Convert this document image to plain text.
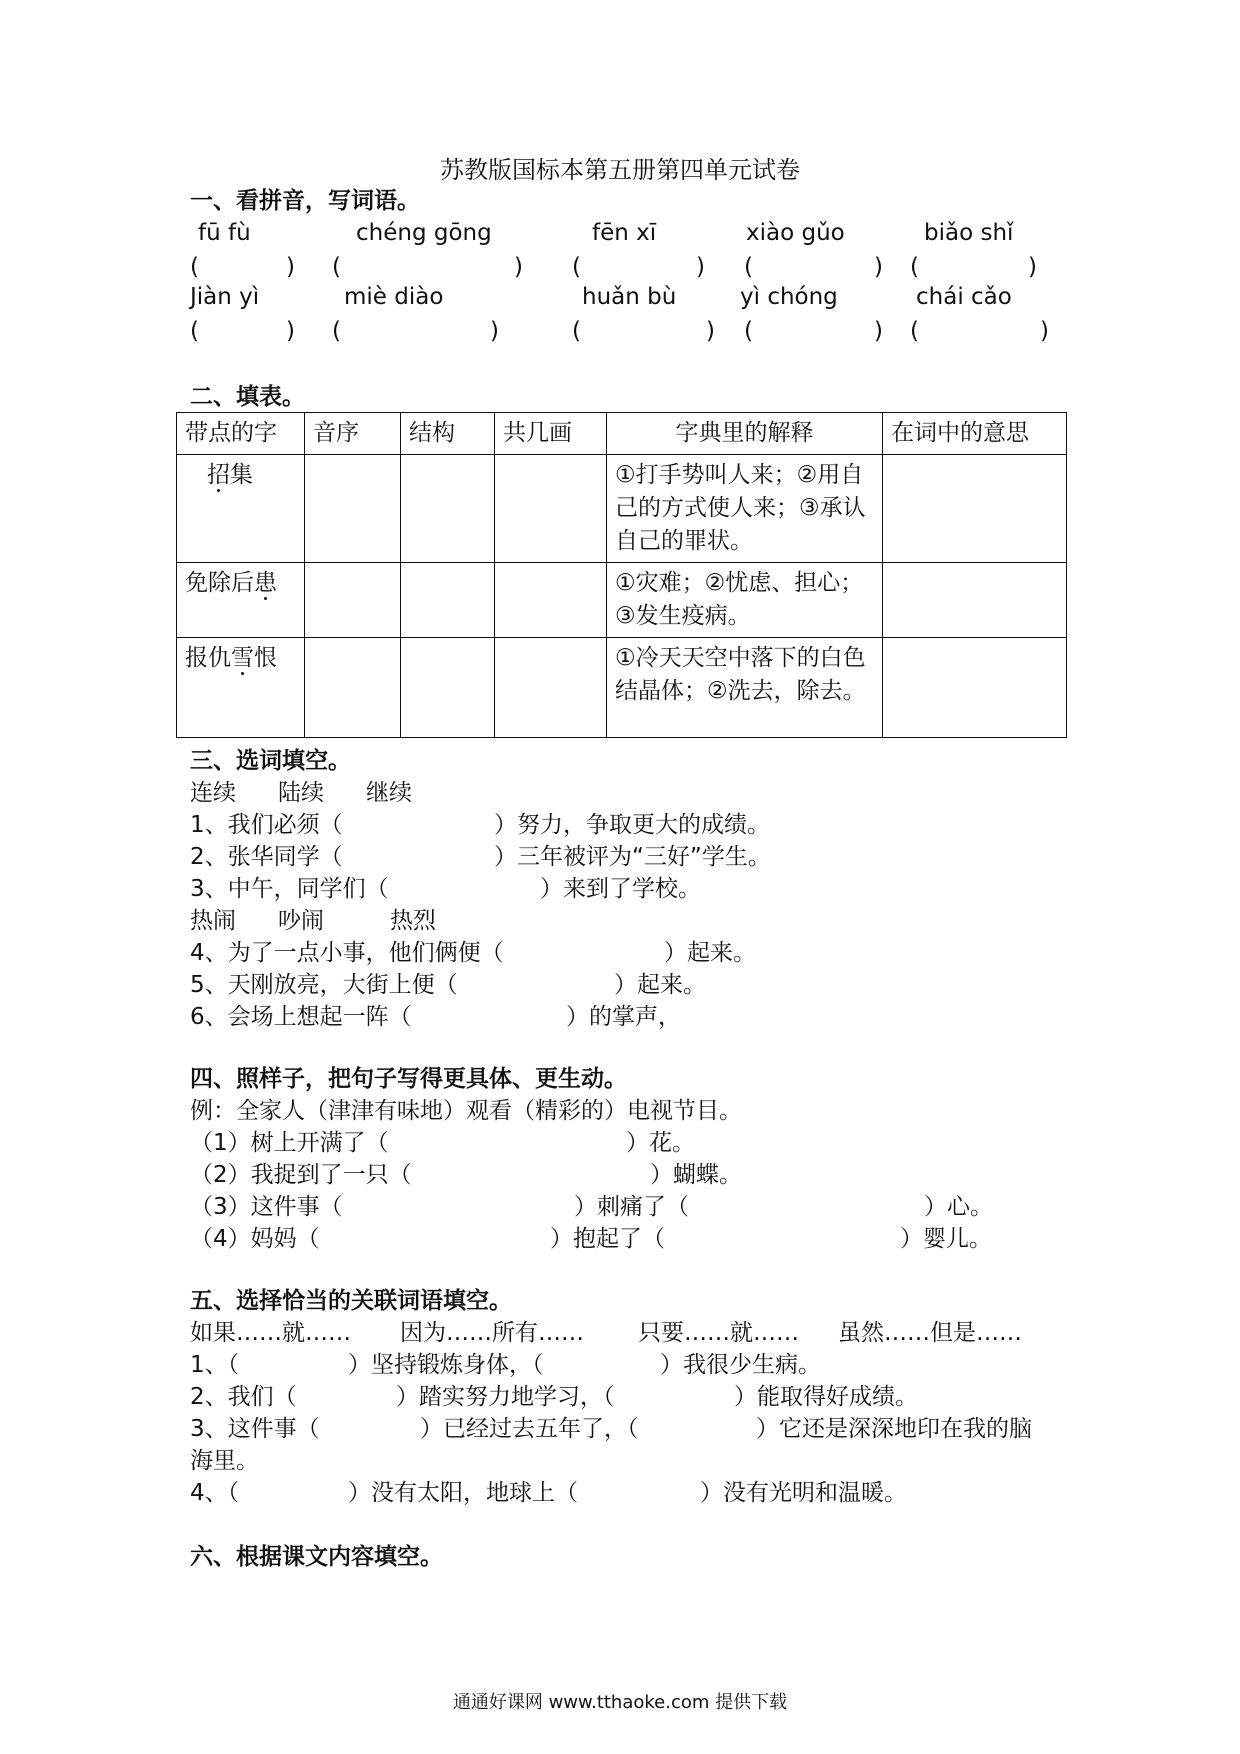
苏教版国标本第五册第四单元试卷
一、看拼音，写词语。
fū fù	chéng gōng	fēn xī	xiào gǔo	biǎo shǐ
(	) (	) (	) (	) (	)
Jiàn yì	miè diào	huǎn bù	yì chóng	chái cǎo
(	) (	)	(	) (	) (	)
二、填表。
带点的字	音序	结构	共几画	字典里的解释	在词中的意思
招集				①打手势叫人来；②用自己的方式使人来；③承认自己的罪状。	
免除后患				①灾难；②忧虑、担心；③发生疫病。	
报仇雪恨				①冷天天空中落下的白色结晶体；②洗去，除去。	
三、选词填空。
连续 陆续 继续
1、我们必须（	）努力，争取更大的成绩。
2、张华同学（	）三年被评为“三好”学生。
3、中午，同学们（	）来到了学校。
热闹 吵闹	热烈
4、为了一点小事，他们俩便（	）起来。
5、天刚放亮，大街上便（	）起来。
6、会场上想起一阵（	）的掌声，
四、照样子，把句子写得更具体、更生动。
例：全家人（津津有味地）观看（精彩的）电视节目。
（1）树上开满了（	）花。
（2）我捉到了一只（	）蝴蝶。
（3）这件事（	）刺痛了（	）心。
（4）妈妈（	）抱起了（	）婴儿。
五、选择恰当的关联词语填空。
如果……就…… 因为……所有…… 只要……就…… 虽然……但是……
1、（	）坚持锻炼身体，（	）我很少生病。
2、我们（	）踏实努力地学习，（	）能取得好成绩。
3、这件事（	）已经过去五年了，（	）它还是深深地印在我的脑
海里。
4、（	）没有太阳，地球上（	）没有光明和温暖。
六、根据课文内容填空。
通通好课网 www.tthaoke.com 提供下载
